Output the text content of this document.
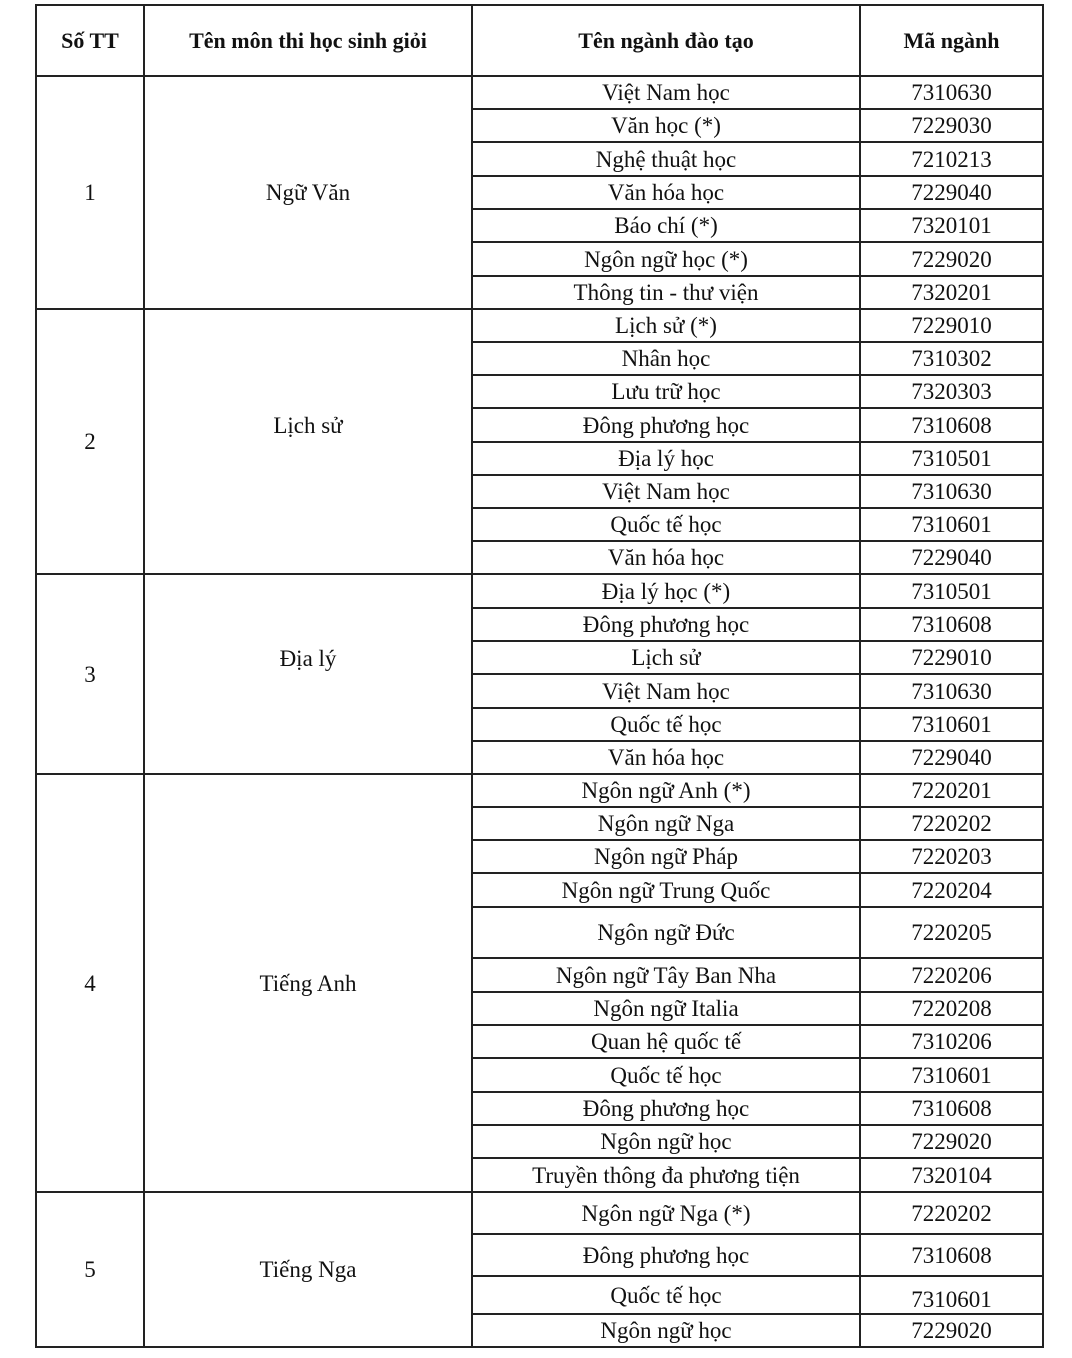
Số TT	Tên môn thi học sinh giỏi	Tên ngành đào tạo	Mã ngành
1	Ngữ Văn	Việt Nam học	7310630
		Văn học (*)	7229030
		Nghệ thuật học	7210213
		Văn hóa học	7229040
		Báo chí (*)	7320101
		Ngôn ngữ học (*)	7229020
		Thông tin - thư viện	7320201
2	Lịch sử	Lịch sử (*)	7229010
		Nhân học	7310302
		Lưu trữ học	7320303
		Đông phương học	7310608
		Địa lý học	7310501
		Việt Nam học	7310630
		Quốc tế học	7310601
		Văn hóa học	7229040
3	Địa lý	Địa lý học (*)	7310501
		Đông phương học	7310608
		Lịch sử	7229010
		Việt Nam học	7310630
		Quốc tế học	7310601
		Văn hóa học	7229040
4	Tiếng Anh	Ngôn ngữ Anh (*)	7220201
		Ngôn ngữ Nga	7220202
		Ngôn ngữ Pháp	7220203
		Ngôn ngữ Trung Quốc	7220204
		Ngôn ngữ Đức	7220205
		Ngôn ngữ Tây Ban Nha	7220206
		Ngôn ngữ Italia	7220208
		Quan hệ quốc tế	7310206
		Quốc tế học	7310601
		Đông phương học	7310608
		Ngôn ngữ học	7229020
		Truyền thông đa phương tiện	7320104
5	Tiếng Nga	Ngôn ngữ Nga (*)	7220202
		Đông phương học	7310608
		Quốc tế học	7310601
		Ngôn ngữ học	7229020
